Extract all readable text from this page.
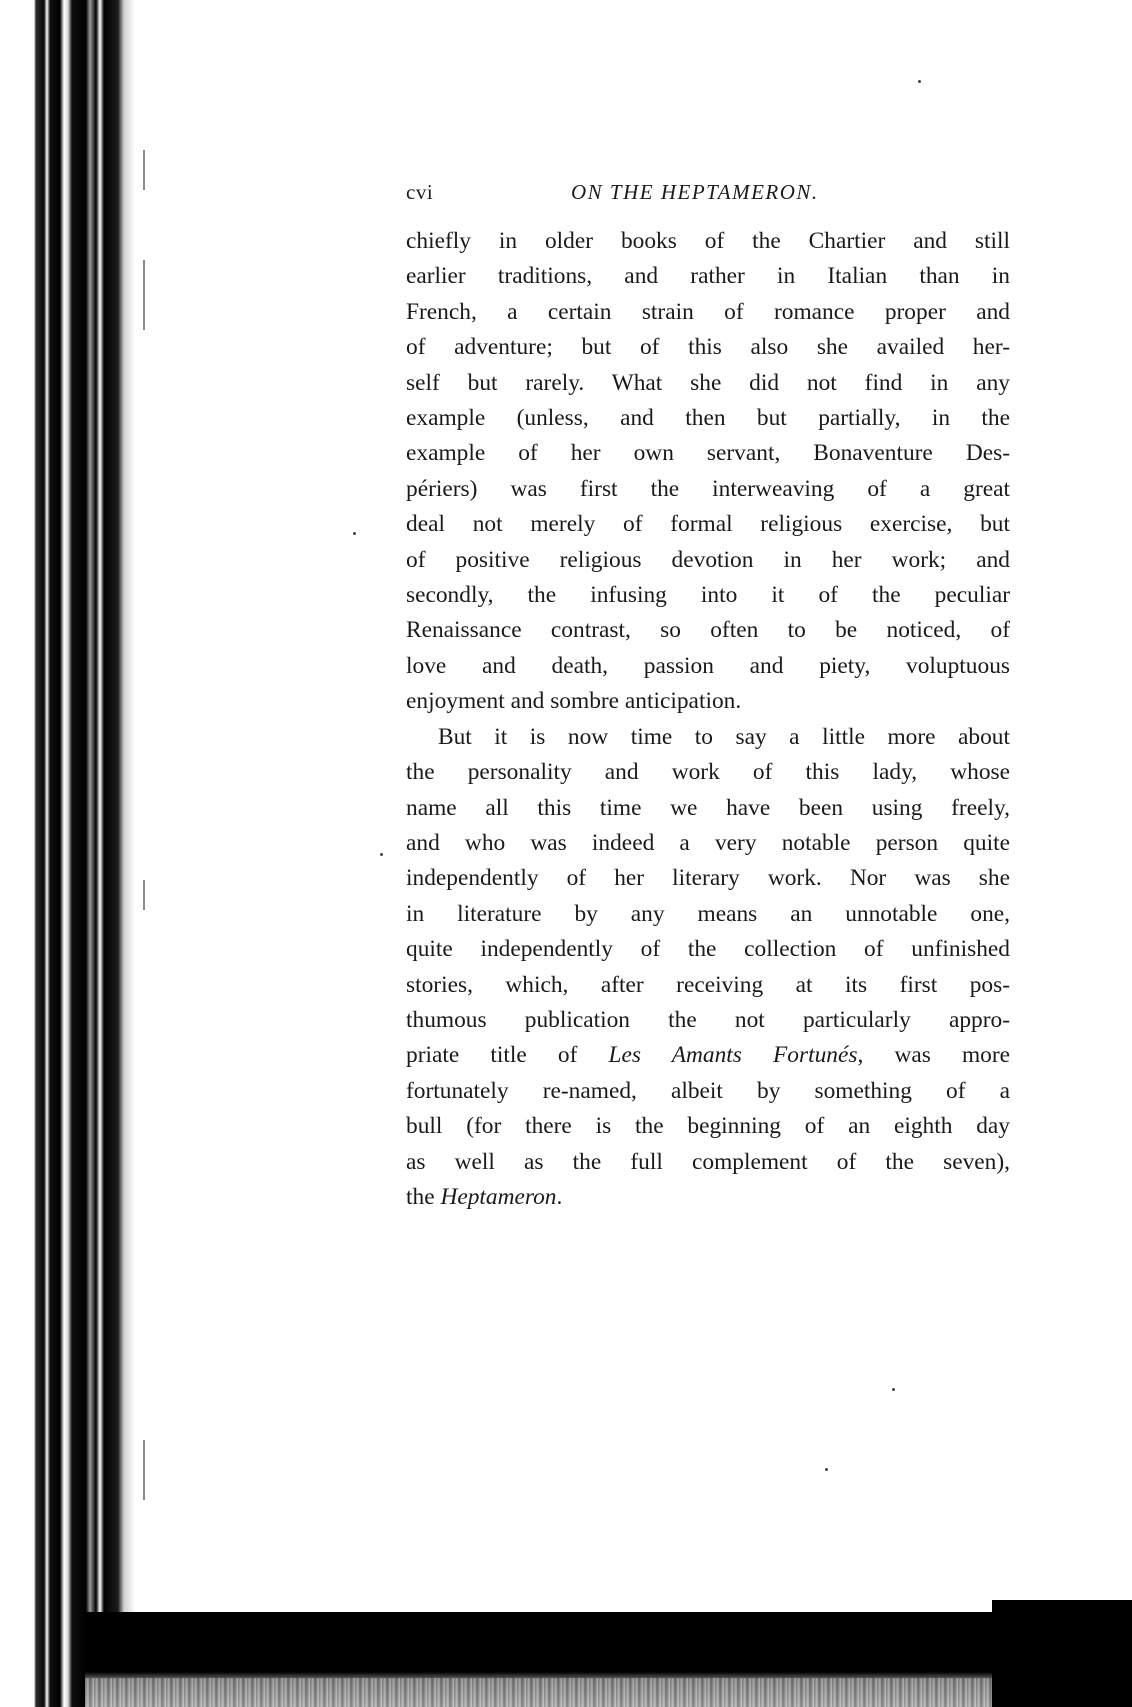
cvi	ON THE HEPTAMERON.

chiefly in older books of the Chartier and still
earlier traditions, and rather in Italian than in
French, a certain strain of romance proper and
of adventure; but of this also she availed her-
self but rarely. What she did not find in any
example (unless, and then but partially, in the
example of her own servant, Bonaventure Des-
périers) was first the interweaving of a great
deal not merely of formal religious exercise, but
of positive religious devotion in her work; and
secondly, the infusing into it of the peculiar
Renaissance contrast, so often to be noticed, of
love and death, passion and piety, voluptuous
enjoyment and sombre anticipation.

But it is now time to say a little more about
the personality and work of this lady, whose
name all this time we have been using freely,
and who was indeed a very notable person quite
independently of her literary work. Nor was she
in literature by any means an unnotable one,
quite independently of the collection of unfinished
stories, which, after receiving at its first pos-
thumous publication the not particularly appro-
priate title of Les Amants Fortunés, was more
fortunately re-named, albeit by something of a
bull (for there is the beginning of an eighth day
as well as the full complement of the seven),
the Heptameron.
